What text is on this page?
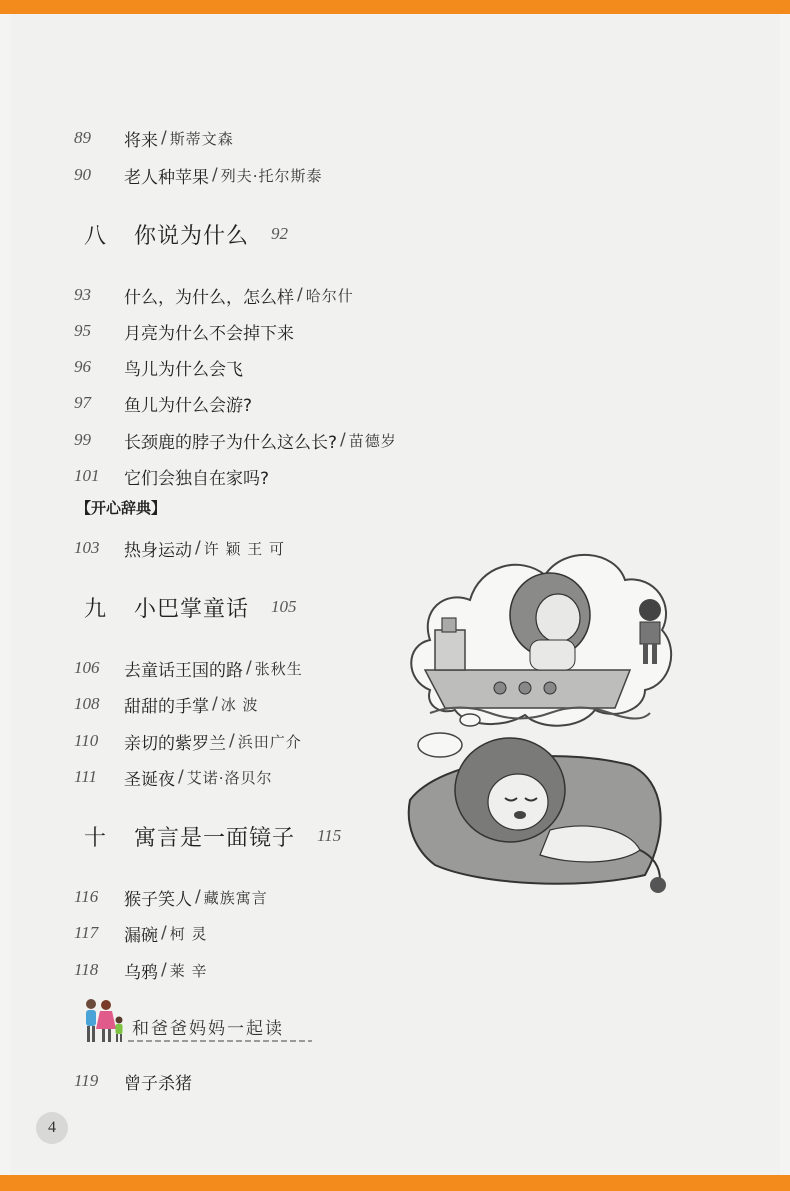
89	将来 / 斯蒂文森
90	老人种苹果 / 列夫·托尔斯泰
八	你说为什么 92
93	什么，为什么，怎么样 / 哈尔什
95	月亮为什么不会掉下来
96	鸟儿为什么会飞
97	鱼儿为什么会游?
99	长颈鹿的脖子为什么这么长? / 苗德岁
101	它们会独自在家吗?
【开心辞典】
103	热身运动 / 许 颖 王 可
九	小巴掌童话 105
106	去童话王国的路 / 张秋生
108	甜甜的手掌 / 冰 波
110	亲切的紫罗兰 / 浜田广介
111	圣诞夜 / 艾诺·洛贝尔
十	寓言是一面镜子 115
116	猴子笑人 / 藏族寓言
117	漏碗 / 柯 灵
118	乌鸦 / 莱 辛
和爸爸妈妈一起读
119	曾子杀猪
4
